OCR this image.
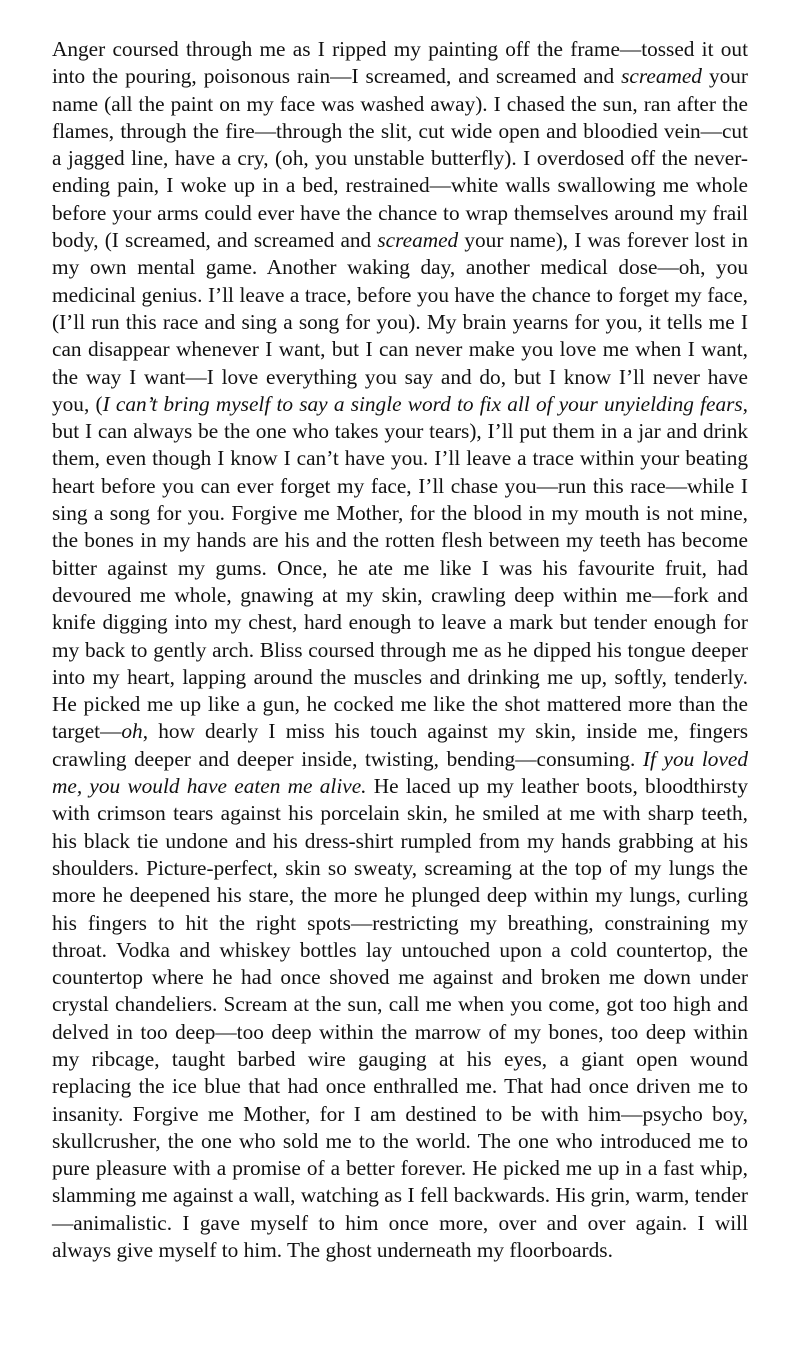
Anger coursed through me as I ripped my painting off the frame—tossed it out into the pouring, poisonous rain—I screamed, and screamed and screamed your name (all the paint on my face was washed away). I chased the sun, ran after the flames, through the fire—through the slit, cut wide open and bloodied vein—cut a jagged line, have a cry, (oh, you unstable butterfly). I overdosed off the never-ending pain, I woke up in a bed, restrained—white walls swallowing me whole before your arms could ever have the chance to wrap themselves around my frail body, (I screamed, and screamed and screamed your name), I was forever lost in my own mental game. Another waking day, another medical dose—oh, you medicinal genius. I’ll leave a trace, before you have the chance to forget my face, (I’ll run this race and sing a song for you). My brain yearns for you, it tells me I can disappear whenever I want, but I can never make you love me when I want, the way I want—I love everything you say and do, but I know I’ll never have you, (I can’t bring myself to say a single word to fix all of your unyielding fears, but I can always be the one who takes your tears), I’ll put them in a jar and drink them, even though I know I can’t have you. I’ll leave a trace within your beating heart before you can ever forget my face, I’ll chase you—run this race—while I sing a song for you. Forgive me Mother, for the blood in my mouth is not mine, the bones in my hands are his and the rotten flesh between my teeth has become bitter against my gums. Once, he ate me like I was his favourite fruit, had devoured me whole, gnawing at my skin, crawling deep within me—fork and knife digging into my chest, hard enough to leave a mark but tender enough for my back to gently arch. Bliss coursed through me as he dipped his tongue deeper into my heart, lapping around the muscles and drinking me up, softly, tenderly. He picked me up like a gun, he cocked me like the shot mattered more than the target—oh, how dearly I miss his touch against my skin, inside me, fingers crawling deeper and deeper inside, twisting, bending—consuming. If you loved me, you would have eaten me alive. He laced up my leather boots, bloodthirsty with crimson tears against his porcelain skin, he smiled at me with sharp teeth, his black tie undone and his dress-shirt rumpled from my hands grabbing at his shoulders. Picture-perfect, skin so sweaty, screaming at the top of my lungs the more he deepened his stare, the more he plunged deep within my lungs, curling his fingers to hit the right spots—restricting my breathing, constraining my throat. Vodka and whiskey bottles lay untouched upon a cold countertop, the countertop where he had once shoved me against and broken me down under crystal chandeliers. Scream at the sun, call me when you come, got too high and delved in too deep—too deep within the marrow of my bones, too deep within my ribcage, taught barbed wire gauging at his eyes, a giant open wound replacing the ice blue that had once enthralled me. That had once driven me to insanity. Forgive me Mother, for I am destined to be with him—psycho boy, skullcrusher, the one who sold me to the world. The one who introduced me to pure pleasure with a promise of a better forever. He picked me up in a fast whip, slamming me against a wall, watching as I fell backwards. His grin, warm, tender—animalistic. I gave myself to him once more, over and over again. I will always give myself to him. The ghost underneath my floorboards.
